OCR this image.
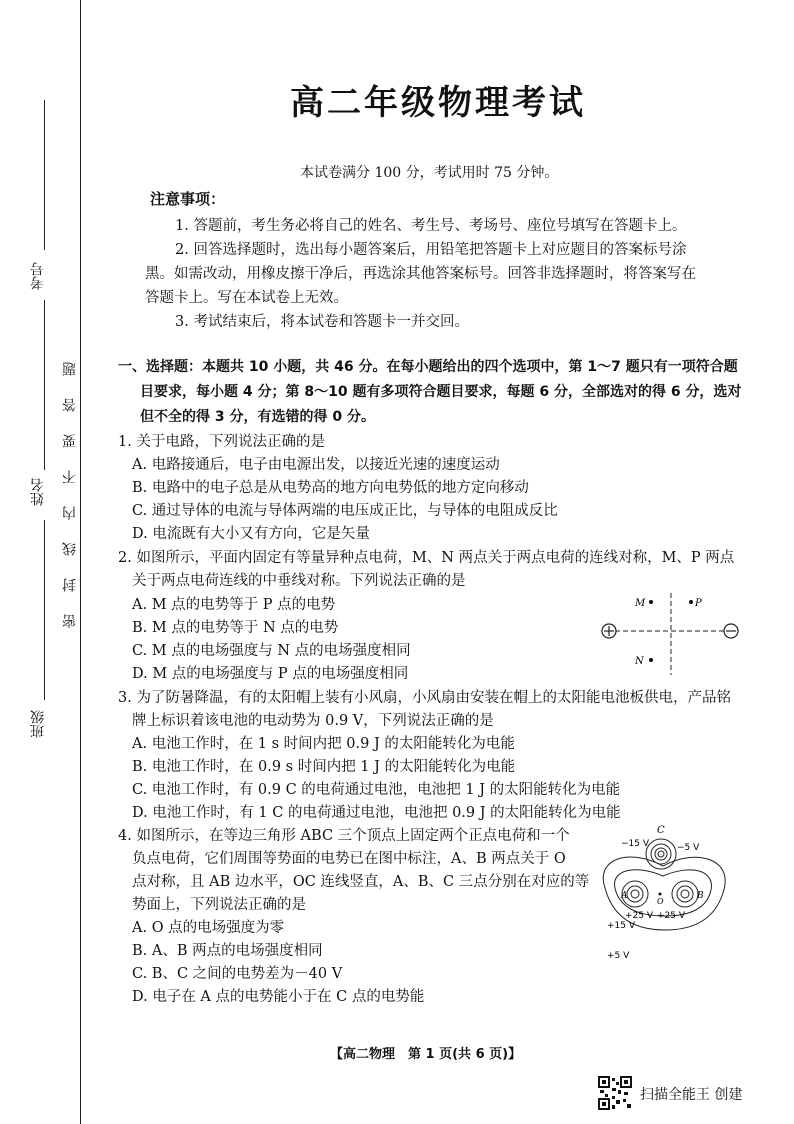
密封线内不要答题
考号
姓名
班级
高二年级物理考试
本试卷满分 100 分，考试用时 75 分钟。
注意事项：
1. 答题前，考生务必将自己的姓名、考生号、考场号、座位号填写在答题卡上。
2. 回答选择题时，选出每小题答案后，用铅笔把答题卡上对应题目的答案标号涂
黑。如需改动，用橡皮擦干净后，再选涂其他答案标号。回答非选择题时，将答案写在
答题卡上。写在本试卷上无效。
3. 考试结束后，将本试卷和答题卡一并交回。
一、选择题：本题共 10 小题，共 46 分。在每小题给出的四个选项中，第 1～7 题只有一项符合题
目要求，每小题 4 分；第 8～10 题有多项符合题目要求，每题 6 分，全部选对的得 6 分，选对
但不全的得 3 分，有选错的得 0 分。
1. 关于电路，下列说法正确的是
A. 电路接通后，电子由电源出发，以接近光速的速度运动
B. 电路中的电子总是从电势高的地方向电势低的地方定向移动
C. 通过导体的电流与导体两端的电压成正比，与导体的电阻成反比
D. 电流既有大小又有方向，它是矢量
2. 如图所示，平面内固定有等量异种点电荷，M、N 两点关于两点电荷的连线对称，M、P 两点
关于两点电荷连线的中垂线对称。下列说法正确的是
A. M 点的电势等于 P 点的电势
B. M 点的电势等于 N 点的电势
C. M 点的电场强度与 N 点的电场强度相同
D. M 点的电场强度与 P 点的电场强度相同
M	P
N
3. 为了防暑降温，有的太阳帽上装有小风扇，小风扇由安装在帽上的太阳能电池板供电，产品铭
牌上标识着该电池的电动势为 0.9 V，下列说法正确的是
A. 电池工作时，在 1 s 时间内把 0.9 J 的太阳能转化为电能
B. 电池工作时，在 0.9 s 时间内把 1 J 的太阳能转化为电能
C. 电池工作时，有 0.9 C 的电荷通过电池，电池把 1 J 的太阳能转化为电能
D. 电池工作时，有 1 C 的电荷通过电池，电池把 0.9 J 的太阳能转化为电能
4. 如图所示，在等边三角形 ABC 三个顶点上固定两个正点电荷和一个
负点电荷，它们周围等势面的电势已在图中标注，A、B 两点关于 O
点对称，且 AB 边水平，OC 连线竖直，A、B、C 三点分别在对应的等
势面上，下列说法正确的是
A. O 点的电场强度为零
B. A、B 两点的电场强度相同
C. B、C 之间的电势差为－40 V
D. 电子在 A 点的电势能小于在 C 点的电势能
C
A	B
O
−15 V	−5 V
+25 V +25 V
+15 V
+5 V
【高二物理　第 1 页(共 6 页)】
扫描全能王 创建
